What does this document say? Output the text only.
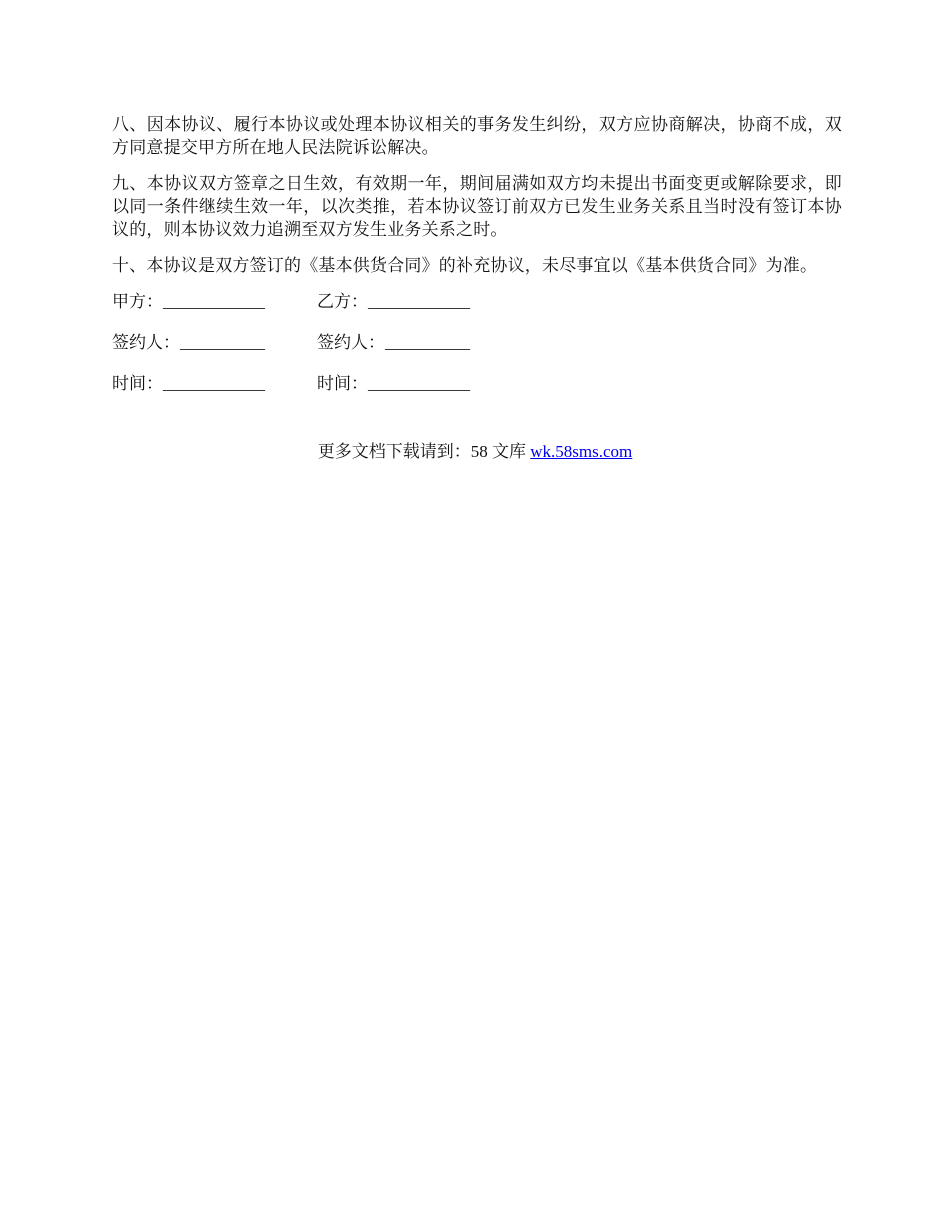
八、因本协议、履行本协议或处理本协议相关的事务发生纠纷，双方应协商解决，协商不成，双方同意提交甲方所在地人民法院诉讼解决。

九、本协议双方签章之日生效，有效期一年，期间届满如双方均未提出书面变更或解除要求，即以同一条件继续生效一年，以次类推，若本协议签订前双方已发生业务关系且当时没有签订本协议的，则本协议效力追溯至双方发生业务关系之时。

十、本协议是双方签订的《基本供货合同》的补充协议，未尽事宜以《基本供货合同》为准。

甲方：____________	乙方：____________
签约人：__________	签约人：__________
时间：____________	时间：____________
更多文档下载请到：58 文库 wk.58sms.com
